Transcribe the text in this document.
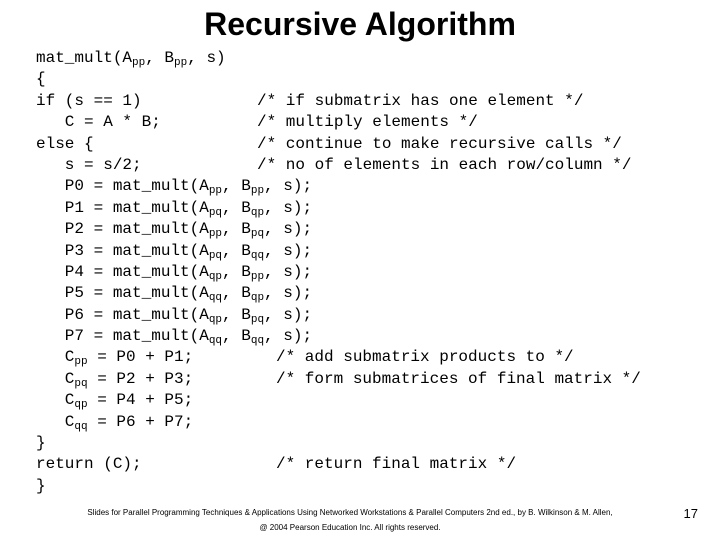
Recursive Algorithm
$mat\_mult(A_{pp}$, $B_{pp}$, s)
{
if (s == 1)	/* if submatrix has one element */
C = A * B;	/* multiply elements */
else {	/* continue to make recursive calls */
s = s/2;	/* no of elements in each row/column */
$P0 = mat\_mult(A_{pp}$, $B_{pp}$, s);
$P1 = mat\_mult(A_{pq}$, $B_{qp}$, s);
$P2 = mat\_mult(A_{pp}$, $B_{pq}$, s);
$P3 = mat\_mult(A_{pq}$, $B_{qq}$, s);
$P4 = mat\_mult(A_{qp}$, $B_{pp}$, s);
$P5 = mat\_mult(A_{qq}$, $B_{qp}$, s);
$P6 = mat\_mult(A_{qp}$, $B_{pq}$, s);
$P7 = mat\_mult(A_{qq}$, $B_{qq}$, s);
$C_{pp} = P0 + P1$;	/* add submatrix products to */
$C_{pq} = P2 + P3$;	/* form submatrices of final matrix */
$C_{qp} = P4 + P5$;
$C_{qq} = P6 + P7$;
}
return (C);	/* return final matrix */
}
Slides for Parallel Programming Techniques & Applications Using Networked Workstations & Parallel Computers 2nd ed., by B. Wilkinson & M. Allen,
@ 2004 Pearson Education Inc. All rights reserved.
17
